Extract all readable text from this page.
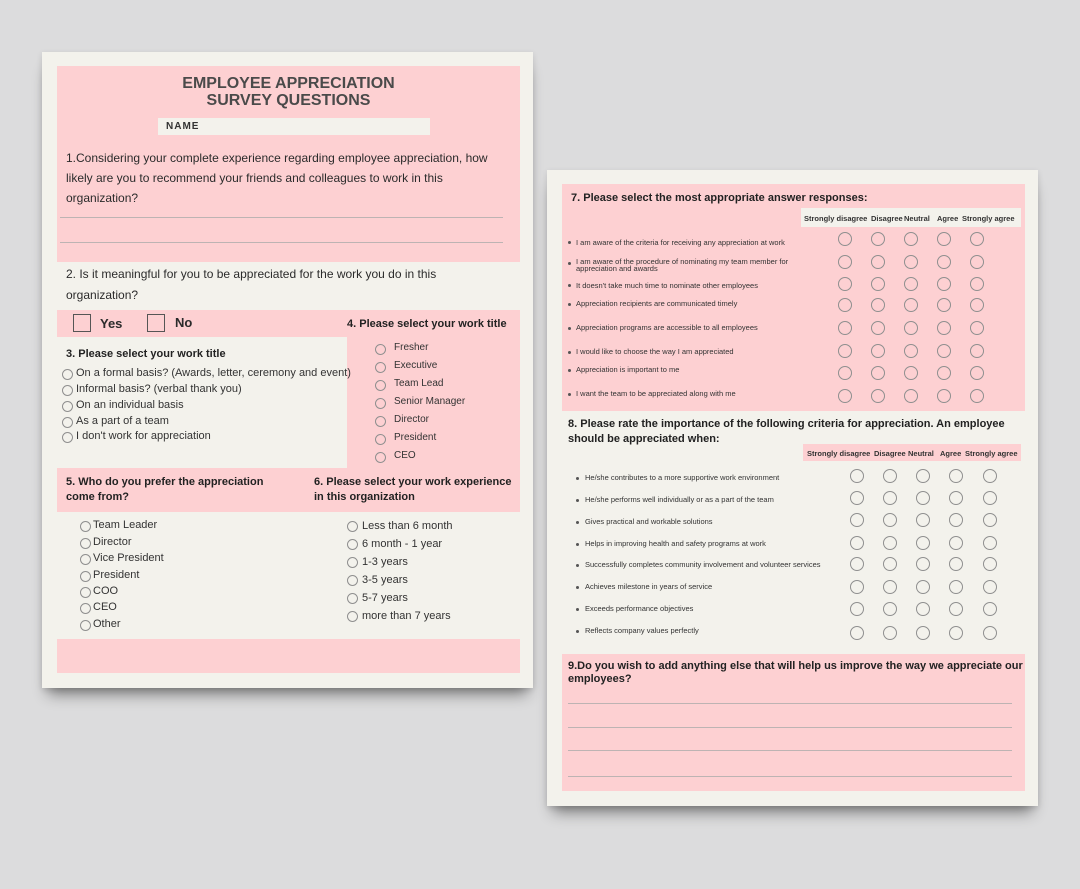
EMPLOYEE APPRECIATION
SURVEY QUESTIONS
NAME
1.Considering your complete experience regarding employee appreciation, how
likely are you to recommend your friends and colleagues to work in this
organization?
2. Is it meaningful for you to be appreciated for the work you do in this
organization?
Yes	No	4. Please select your work title
Fresher
Executive
Team Lead
Senior Manager
Director
President
CEO
3. Please select your work title
On a formal basis? (Awards, letter, ceremony and event)
Informal basis? (verbal thank you)
On an individual basis
As a part of a team
I don't work for appreciation
5. Who do you prefer the appreciation
come from?
6. Please select your work experience
in this organization
Team Leader
Director
Vice President
President
COO
CEO
Other
Less than 6 month
6 month - 1 year
1-3 years
3-5 years
5-7 years
more than 7 years
7. Please select the most appropriate answer responses:
Strongly disagree Disagree Neutral Agree Strongly agree
I am aware of the criteria for receiving any appreciation at work
I am aware of the procedure of nominating my team member for
appreciation and awards
It doesn't take much time to nominate other employees
Appreciation recipients are communicated timely
Appreciation programs are accessible to all employees
I would like to choose the way I am appreciated
Appreciation is important to me
I want the team to be appreciated along with me
8. Please rate the importance of the following criteria for appreciation. An employee
should be appreciated when:
Strongly disagree Disagree Neutral Agree Strongly agree
He/she contributes to a more supportive work environment
He/she performs well individually or as a part of the team
Gives practical and workable solutions
Helps in improving health and safety programs at work
Successfully completes community involvement and volunteer services
Achieves milestone in years of service
Exceeds performance objectives
Reflects company values perfectly
9.Do you wish to add anything else that will help us improve the way we appreciate our
employees?
